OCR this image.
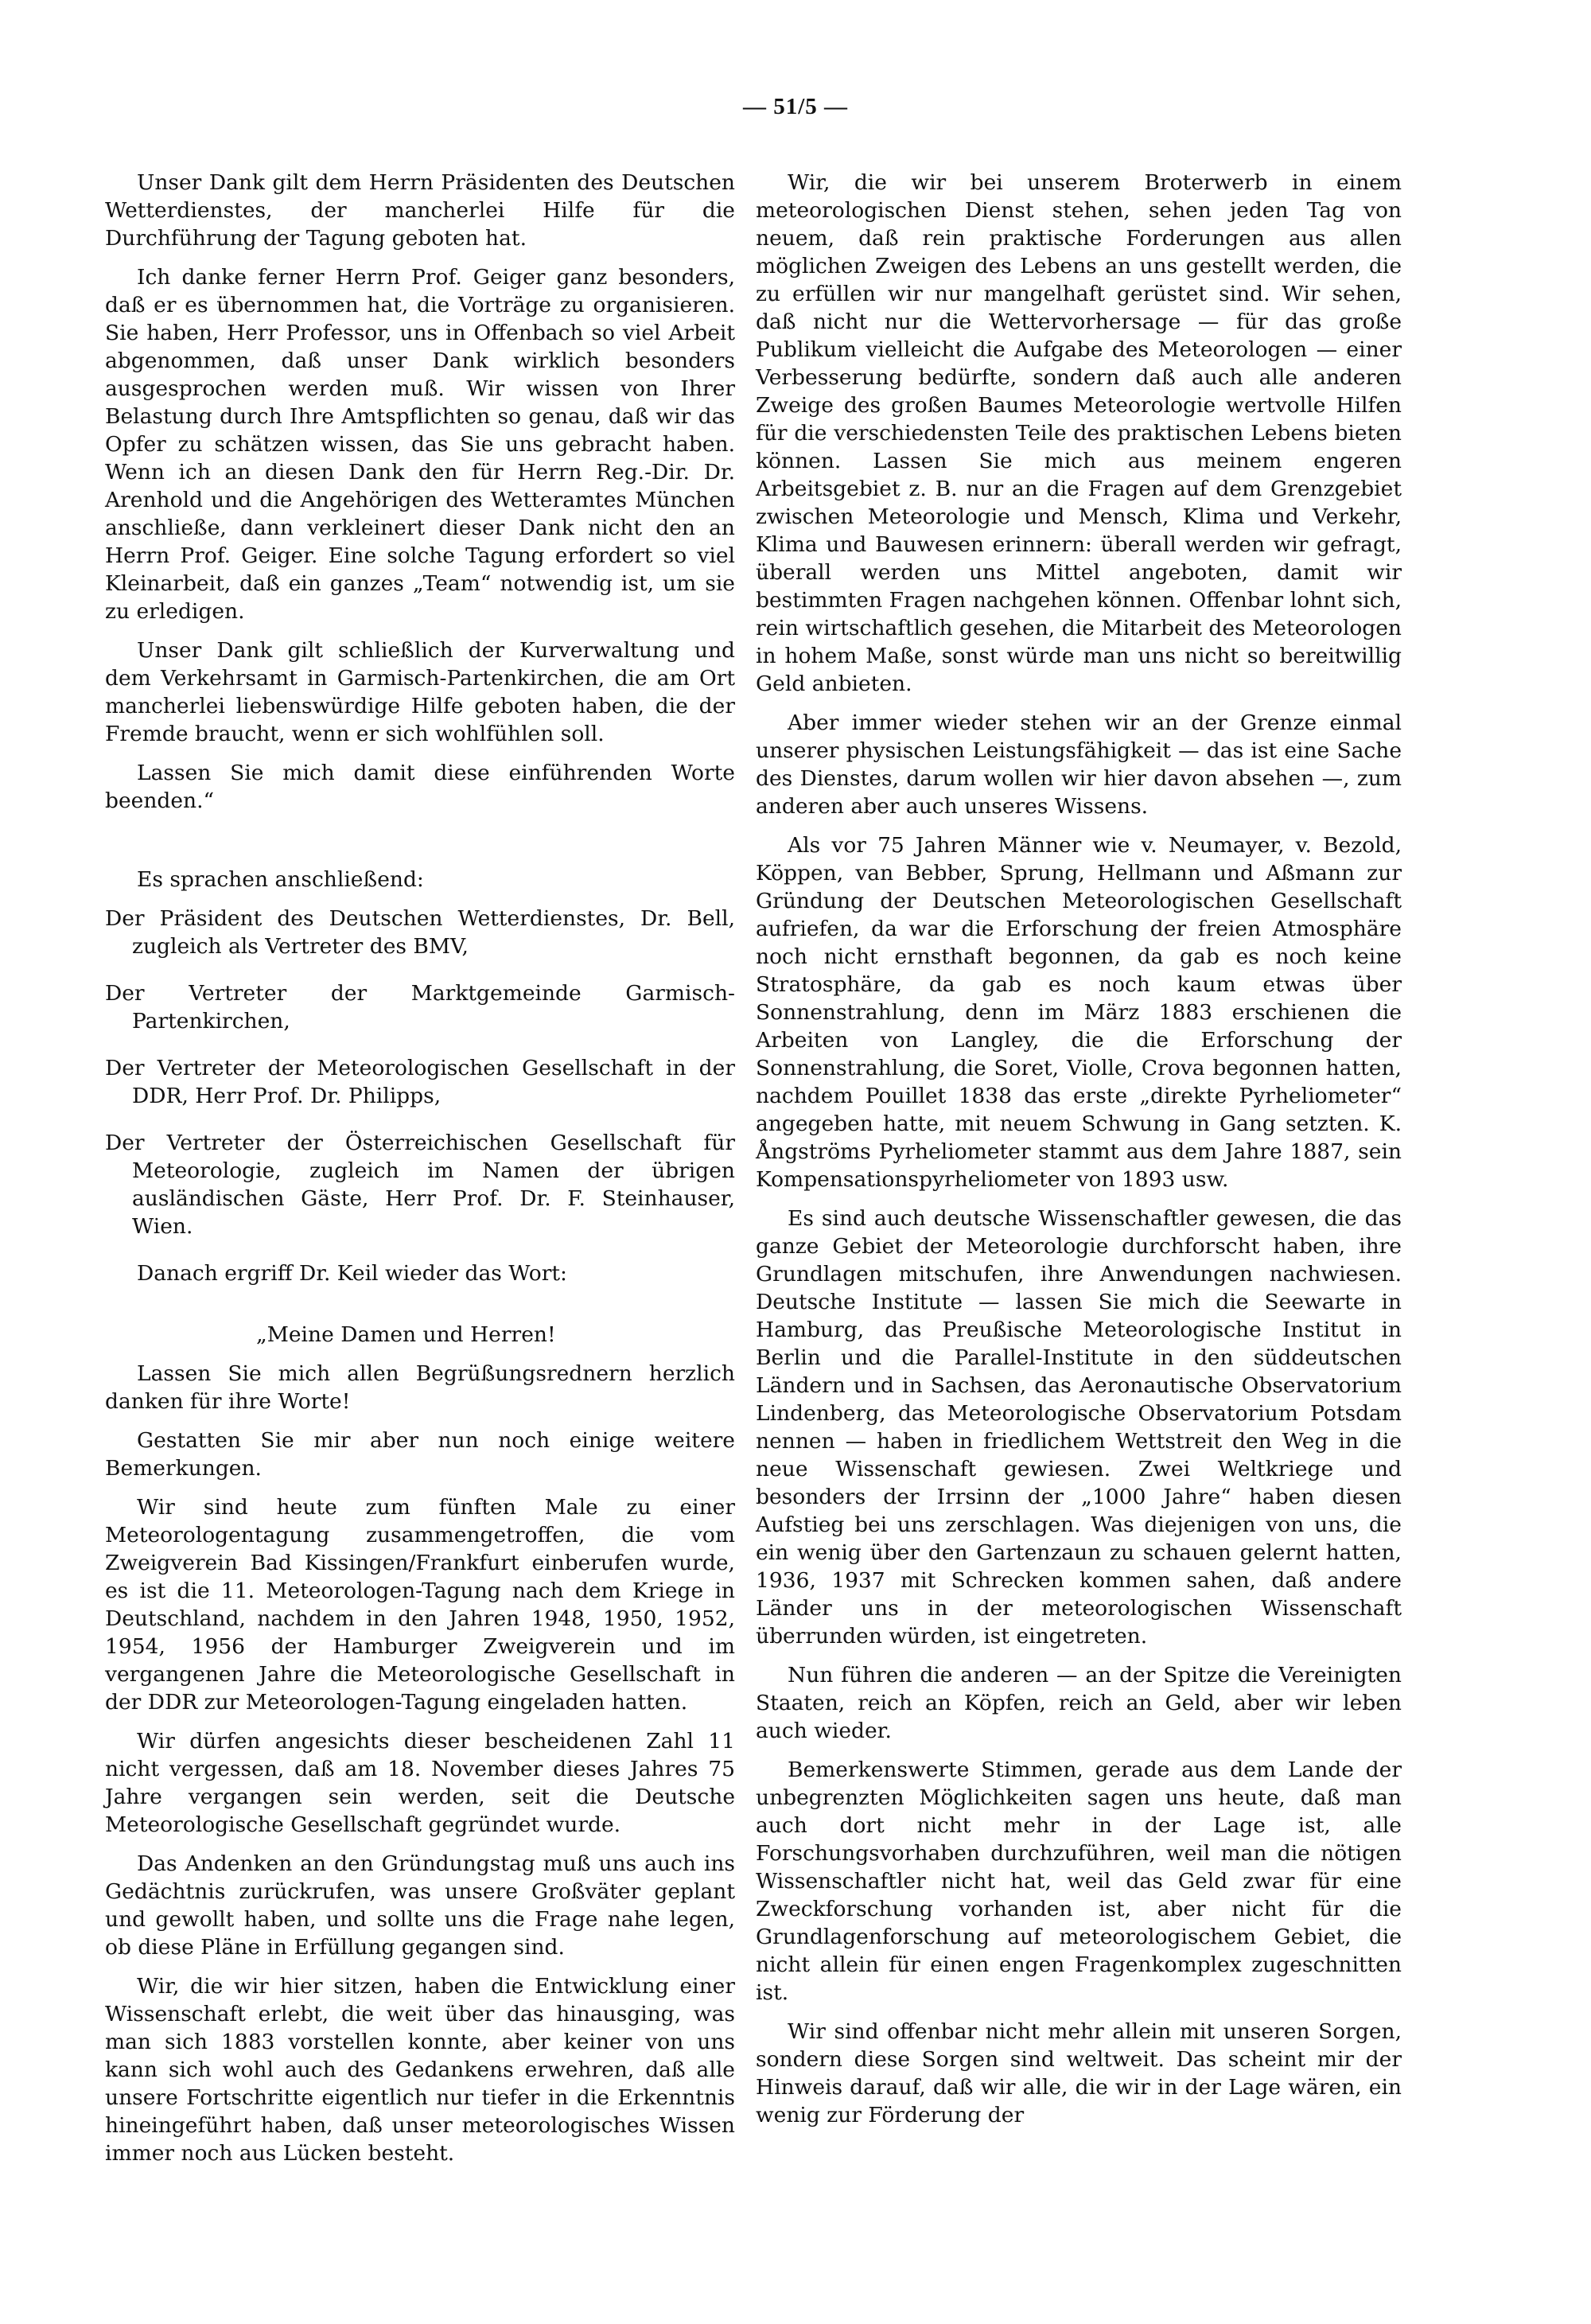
— 51/5 —

Unser Dank gilt dem Herrn Präsidenten des Deutschen Wetterdienstes, der mancherlei Hilfe für die Durchführung der Tagung geboten hat.

Ich danke ferner Herrn Prof. Geiger ganz besonders, daß er es übernommen hat, die Vorträge zu organisieren. Sie haben, Herr Professor, uns in Offenbach so viel Arbeit abgenommen, daß unser Dank wirklich besonders ausgesprochen werden muß. Wir wissen von Ihrer Belastung durch Ihre Amtspflichten so genau, daß wir das Opfer zu schätzen wissen, das Sie uns gebracht haben. Wenn ich an diesen Dank den für Herrn Reg.-Dir. Dr. Arenhold und die Angehörigen des Wetteramtes München anschließe, dann verkleinert dieser Dank nicht den an Herrn Prof. Geiger. Eine solche Tagung erfordert so viel Kleinarbeit, daß ein ganzes „Team“ notwendig ist, um sie zu erledigen.

Unser Dank gilt schließlich der Kurverwaltung und dem Verkehrsamt in Garmisch-Partenkirchen, die am Ort mancherlei liebenswürdige Hilfe geboten haben, die der Fremde braucht, wenn er sich wohlfühlen soll.

Lassen Sie mich damit diese einführenden Worte beenden.“

Es sprachen anschließend:

Der Präsident des Deutschen Wetterdienstes, Dr. Bell, zugleich als Vertreter des BMV,

Der Vertreter der Marktgemeinde Garmisch-Partenkirchen,

Der Vertreter der Meteorologischen Gesellschaft in der DDR, Herr Prof. Dr. Philipps,

Der Vertreter der Österreichischen Gesellschaft für Meteorologie, zugleich im Namen der übrigen ausländischen Gäste, Herr Prof. Dr. F. Steinhauser, Wien.

Danach ergriff Dr. Keil wieder das Wort:

„Meine Damen und Herren!

Lassen Sie mich allen Begrüßungsrednern herzlich danken für ihre Worte!

Gestatten Sie mir aber nun noch einige weitere Bemerkungen.

Wir sind heute zum fünften Male zu einer Meteorologentagung zusammengetroffen, die vom Zweigverein Bad Kissingen/Frankfurt einberufen wurde, es ist die 11. Meteorologen-Tagung nach dem Kriege in Deutschland, nachdem in den Jahren 1948, 1950, 1952, 1954, 1956 der Hamburger Zweigverein und im vergangenen Jahre die Meteorologische Gesellschaft in der DDR zur Meteorologen-Tagung eingeladen hatten.

Wir dürfen angesichts dieser bescheidenen Zahl 11 nicht vergessen, daß am 18. November dieses Jahres 75 Jahre vergangen sein werden, seit die Deutsche Meteorologische Gesellschaft gegründet wurde.

Das Andenken an den Gründungstag muß uns auch ins Gedächtnis zurückrufen, was unsere Großväter geplant und gewollt haben, und sollte uns die Frage nahe legen, ob diese Pläne in Erfüllung gegangen sind.

Wir, die wir hier sitzen, haben die Entwicklung einer Wissenschaft erlebt, die weit über das hinausging, was man sich 1883 vorstellen konnte, aber keiner von uns kann sich wohl auch des Gedankens erwehren, daß alle unsere Fortschritte eigentlich nur tiefer in die Erkenntnis hineingeführt haben, daß unser meteorologisches Wissen immer noch aus Lücken besteht.

Wir, die wir bei unserem Broterwerb in einem meteorologischen Dienst stehen, sehen jeden Tag von neuem, daß rein praktische Forderungen aus allen möglichen Zweigen des Lebens an uns gestellt werden, die zu erfüllen wir nur mangelhaft gerüstet sind. Wir sehen, daß nicht nur die Wettervorhersage — für das große Publikum vielleicht die Aufgabe des Meteorologen — einer Verbesserung bedürfte, sondern daß auch alle anderen Zweige des großen Baumes Meteorologie wertvolle Hilfen für die verschiedensten Teile des praktischen Lebens bieten können. Lassen Sie mich aus meinem engeren Arbeitsgebiet z. B. nur an die Fragen auf dem Grenzgebiet zwischen Meteorologie und Mensch, Klima und Verkehr, Klima und Bauwesen erinnern: überall werden wir gefragt, überall werden uns Mittel angeboten, damit wir bestimmten Fragen nachgehen können. Offenbar lohnt sich, rein wirtschaftlich gesehen, die Mitarbeit des Meteorologen in hohem Maße, sonst würde man uns nicht so bereitwillig Geld anbieten.

Aber immer wieder stehen wir an der Grenze einmal unserer physischen Leistungsfähigkeit — das ist eine Sache des Dienstes, darum wollen wir hier davon absehen —, zum anderen aber auch unseres Wissens.

Als vor 75 Jahren Männer wie v. Neumayer, v. Bezold, Köppen, van Bebber, Sprung, Hellmann und Aßmann zur Gründung der Deutschen Meteorologischen Gesellschaft aufriefen, da war die Erforschung der freien Atmosphäre noch nicht ernsthaft begonnen, da gab es noch keine Stratosphäre, da gab es noch kaum etwas über Sonnenstrahlung, denn im März 1883 erschienen die Arbeiten von Langley, die die Erforschung der Sonnenstrahlung, die Soret, Violle, Crova begonnen hatten, nachdem Pouillet 1838 das erste „direkte Pyrheliometer“ angegeben hatte, mit neuem Schwung in Gang setzten. K. Ångströms Pyrheliometer stammt aus dem Jahre 1887, sein Kompensationspyrheliometer von 1893 usw.

Es sind auch deutsche Wissenschaftler gewesen, die das ganze Gebiet der Meteorologie durchforscht haben, ihre Grundlagen mitschufen, ihre Anwendungen nachwiesen. Deutsche Institute — lassen Sie mich die Seewarte in Hamburg, das Preußische Meteorologische Institut in Berlin und die Parallel-Institute in den süddeutschen Ländern und in Sachsen, das Aeronautische Observatorium Lindenberg, das Meteorologische Observatorium Potsdam nennen — haben in friedlichem Wettstreit den Weg in die neue Wissenschaft gewiesen. Zwei Weltkriege und besonders der Irrsinn der „1000 Jahre“ haben diesen Aufstieg bei uns zerschlagen. Was diejenigen von uns, die ein wenig über den Gartenzaun zu schauen gelernt hatten, 1936, 1937 mit Schrecken kommen sahen, daß andere Länder uns in der meteorologischen Wissenschaft überrunden würden, ist eingetreten.

Nun führen die anderen — an der Spitze die Vereinigten Staaten, reich an Köpfen, reich an Geld, aber wir leben auch wieder.

Bemerkenswerte Stimmen, gerade aus dem Lande der unbegrenzten Möglichkeiten sagen uns heute, daß man auch dort nicht mehr in der Lage ist, alle Forschungsvorhaben durchzuführen, weil man die nötigen Wissenschaftler nicht hat, weil das Geld zwar für eine Zweckforschung vorhanden ist, aber nicht für die Grundlagenforschung auf meteorologischem Gebiet, die nicht allein für einen engen Fragenkomplex zugeschnitten ist.

Wir sind offenbar nicht mehr allein mit unseren Sorgen, sondern diese Sorgen sind weltweit. Das scheint mir der Hinweis darauf, daß wir alle, die wir in der Lage wären, ein wenig zur Förderung der
